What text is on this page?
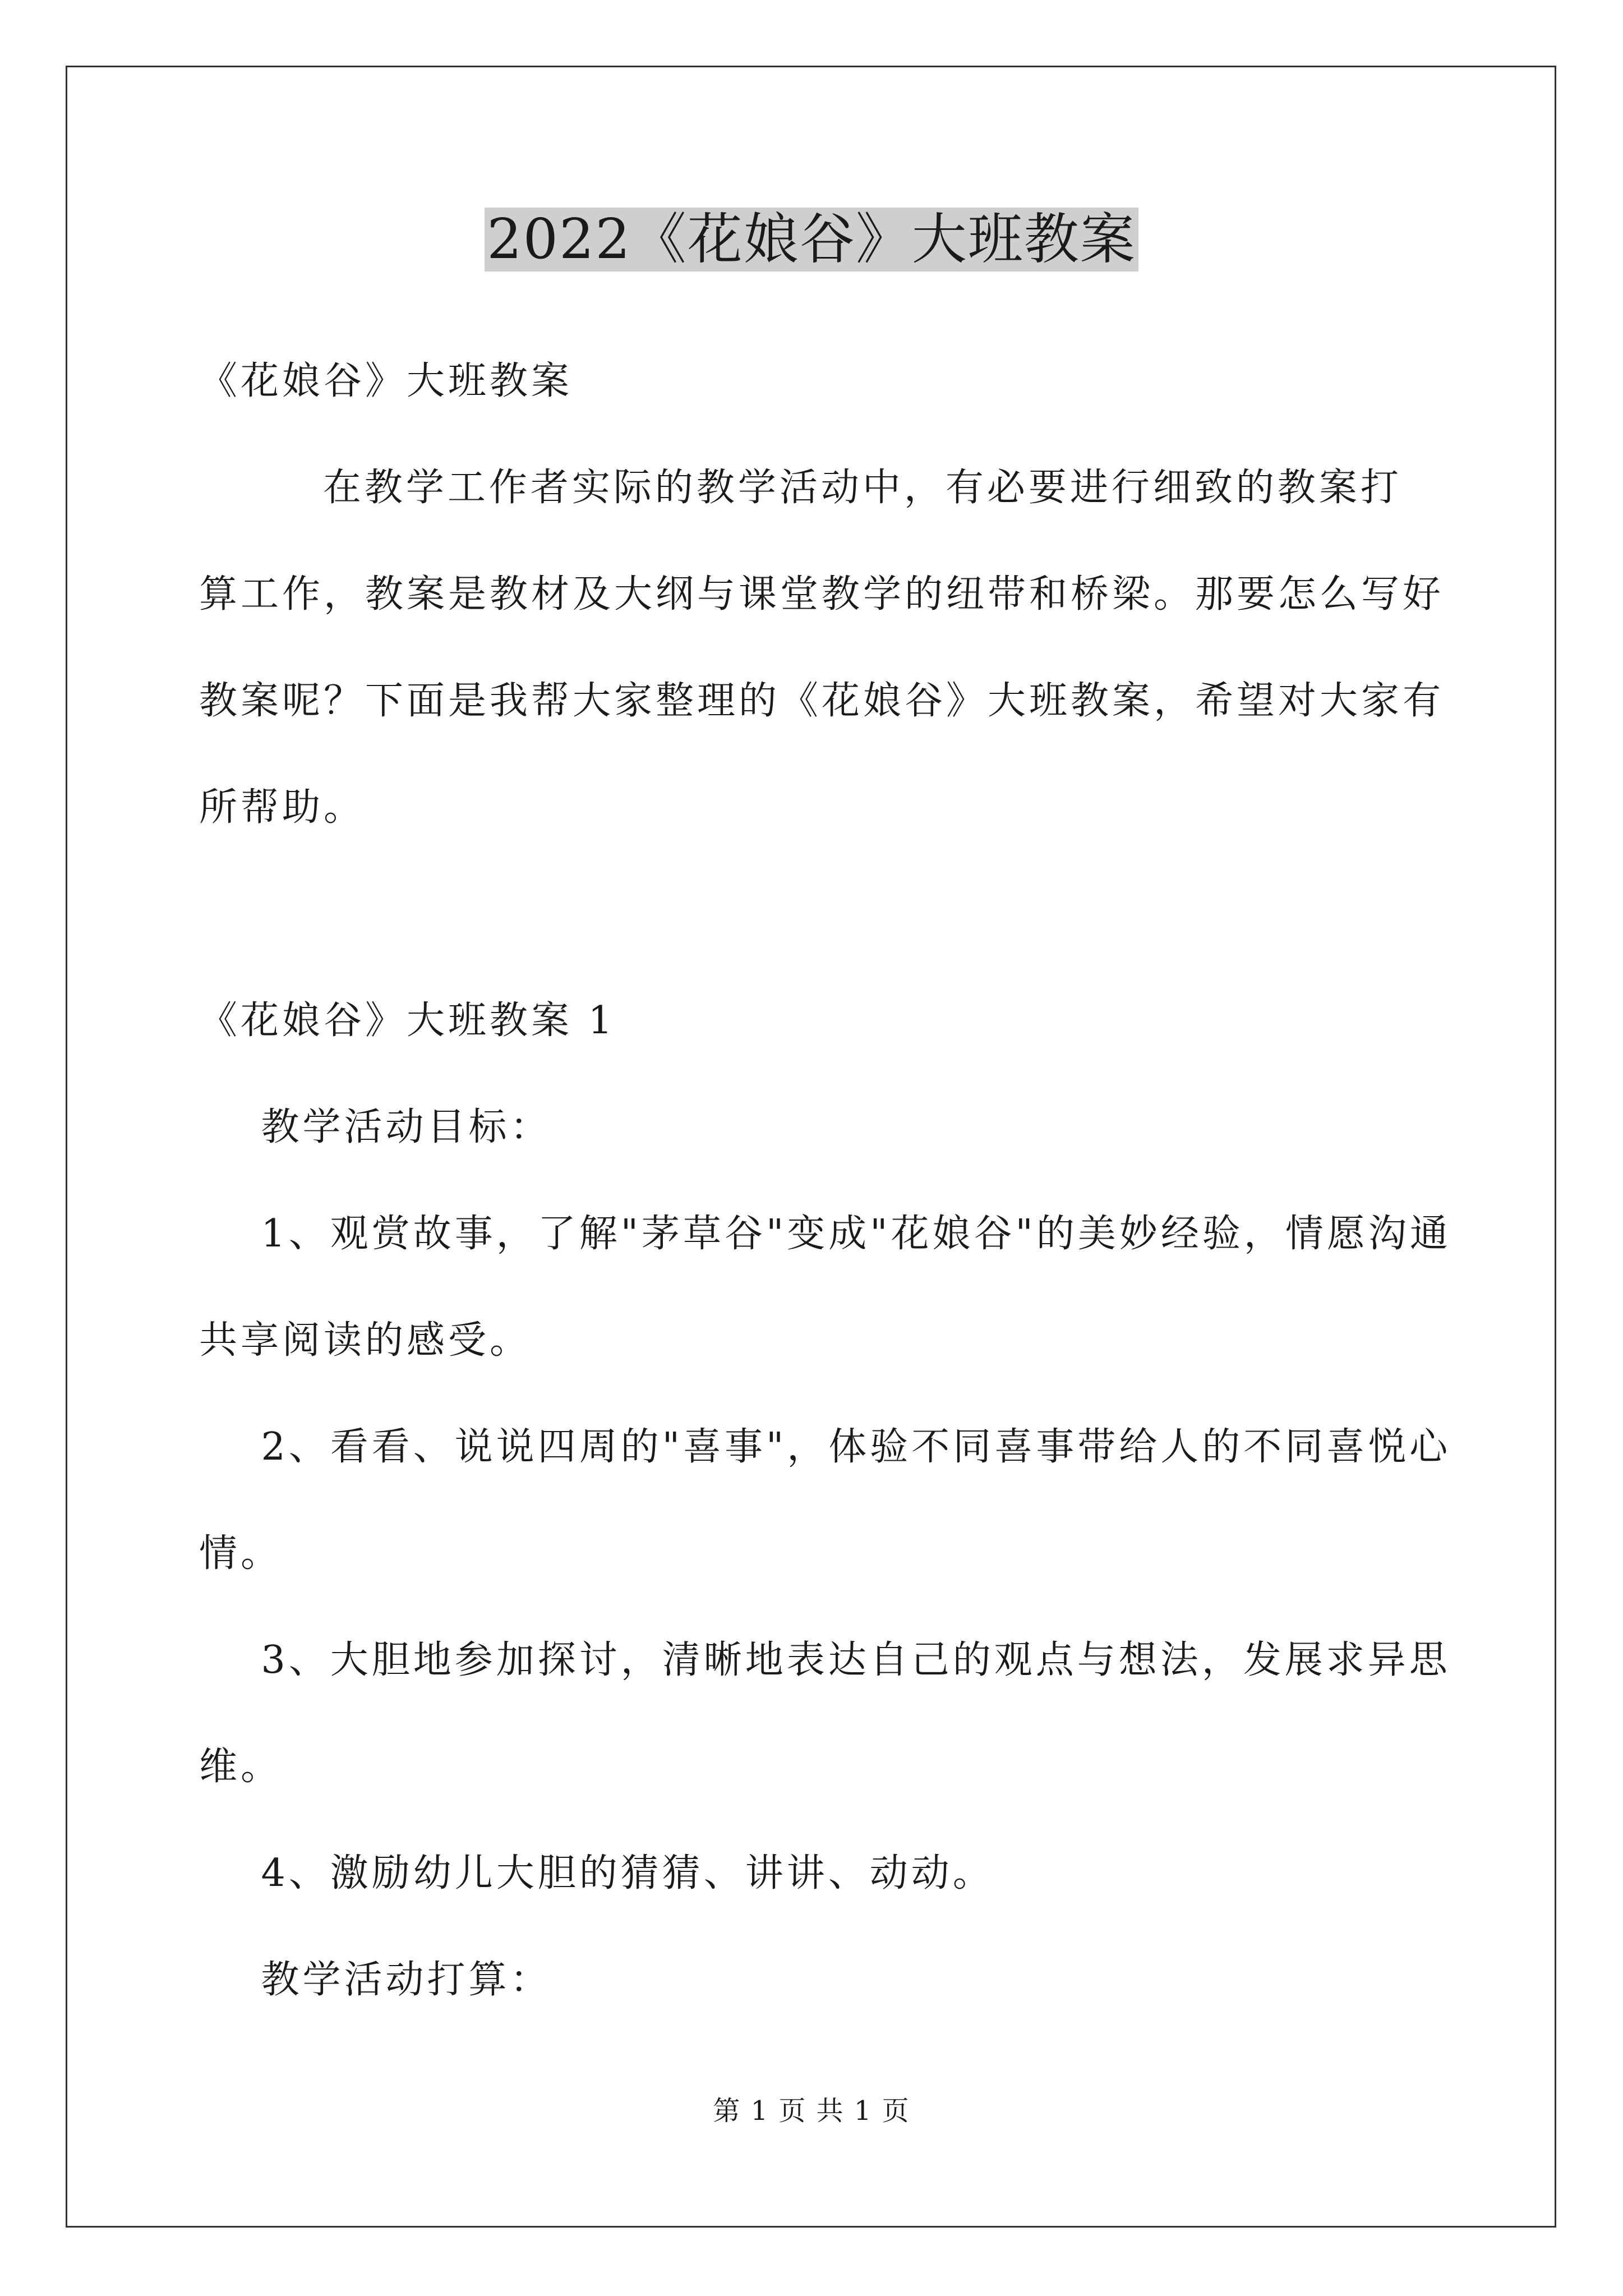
2022《花娘谷》大班教案
《花娘谷》大班教案
在教学工作者实际的教学活动中，有必要进行细致的教案打
算工作，教案是教材及大纲与课堂教学的纽带和桥梁。那要怎么写好
教案呢？下面是我帮大家整理的《花娘谷》大班教案，希望对大家有
所帮助。
《花娘谷》大班教案 1
教学活动目标：
1、观赏故事，了解"茅草谷"变成"花娘谷"的美妙经验，情愿沟通
共享阅读的感受。
2、看看、说说四周的"喜事"，体验不同喜事带给人的不同喜悦心
情。
3、大胆地参加探讨，清晰地表达自己的观点与想法，发展求异思
维。
4、激励幼儿大胆的猜猜、讲讲、动动。
教学活动打算：
第 1 页 共 1 页
